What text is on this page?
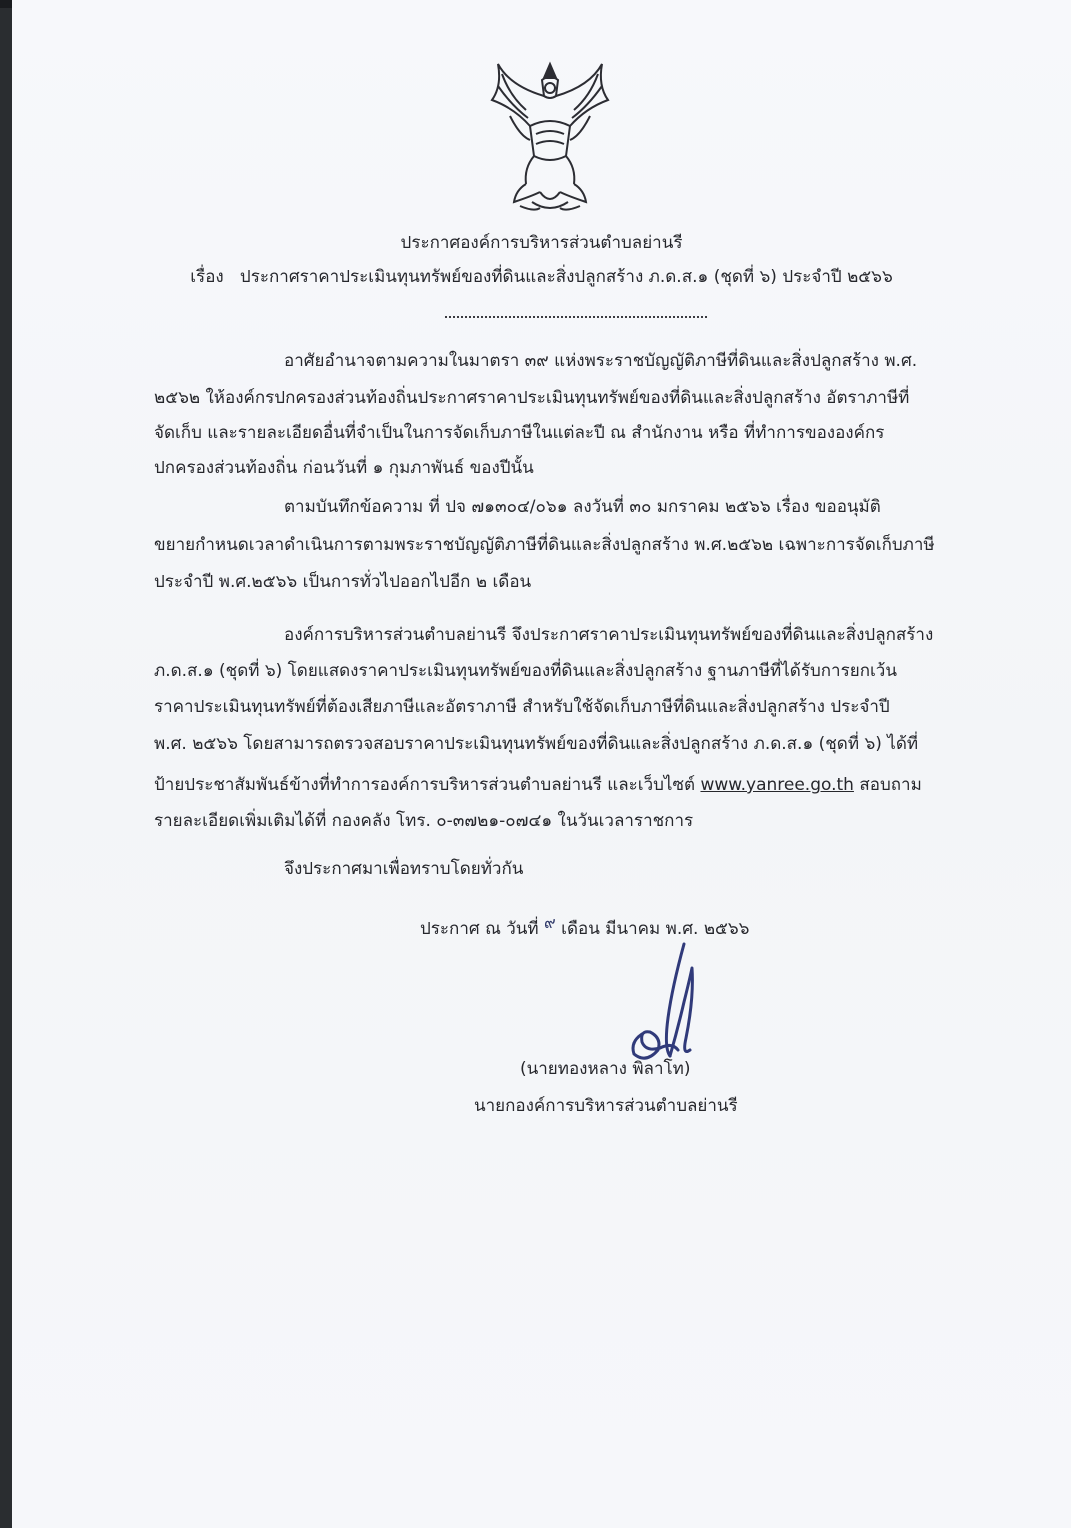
ประกาศองค์การบริหารส่วนตำบลย่านรี
เรื่อง ประกาศราคาประเมินทุนทรัพย์ของที่ดินและสิ่งปลูกสร้าง ภ.ด.ส.๑ (ชุดที่ ๖) ประจำปี ๒๕๖๖
อาศัยอำนาจตามความในมาตรา ๓๙ แห่งพระราชบัญญัติภาษีที่ดินและสิ่งปลูกสร้าง พ.ศ.
๒๕๖๒ ให้องค์กรปกครองส่วนท้องถิ่นประกาศราคาประเมินทุนทรัพย์ของที่ดินและสิ่งปลูกสร้าง อัตราภาษีที่
จัดเก็บ และรายละเอียดอื่นที่จำเป็นในการจัดเก็บภาษีในแต่ละปี ณ สำนักงาน หรือ ที่ทำการขององค์กร
ปกครองส่วนท้องถิ่น ก่อนวันที่ ๑ กุมภาพันธ์ ของปีนั้น
ตามบันทึกข้อความ ที่ ปจ ๗๑๓๐๔/๐๖๑ ลงวันที่ ๓๐ มกราคม ๒๕๖๖ เรื่อง ขออนุมัติ
ขยายกำหนดเวลาดำเนินการตามพระราชบัญญัติภาษีที่ดินและสิ่งปลูกสร้าง พ.ศ.๒๕๖๒ เฉพาะการจัดเก็บภาษี
ประจำปี พ.ศ.๒๕๖๖ เป็นการทั่วไปออกไปอีก ๒ เดือน
องค์การบริหารส่วนตำบลย่านรี จึงประกาศราคาประเมินทุนทรัพย์ของที่ดินและสิ่งปลูกสร้าง
ภ.ด.ส.๑ (ชุดที่ ๖) โดยแสดงราคาประเมินทุนทรัพย์ของที่ดินและสิ่งปลูกสร้าง ฐานภาษีที่ได้รับการยกเว้น
ราคาประเมินทุนทรัพย์ที่ต้องเสียภาษีและอัตราภาษี สำหรับใช้จัดเก็บภาษีที่ดินและสิ่งปลูกสร้าง ประจำปี
พ.ศ. ๒๕๖๖ โดยสามารถตรวจสอบราคาประเมินทุนทรัพย์ของที่ดินและสิ่งปลูกสร้าง ภ.ด.ส.๑ (ชุดที่ ๖) ได้ที่
ป้ายประชาสัมพันธ์ข้างที่ทำการองค์การบริหารส่วนตำบลย่านรี และเว็บไซต์ www.yanree.go.th สอบถาม
รายละเอียดเพิ่มเติมได้ที่ กองคลัง โทร. ๐-๓๗๒๑-๐๗๔๑ ในวันเวลาราชการ
จึงประกาศมาเพื่อทราบโดยทั่วกัน
ประกาศ ณ วันที่ ๙ เดือน มีนาคม พ.ศ. ๒๕๖๖
(นายทองหลาง พิลาโท)
นายกองค์การบริหารส่วนตำบลย่านรี
